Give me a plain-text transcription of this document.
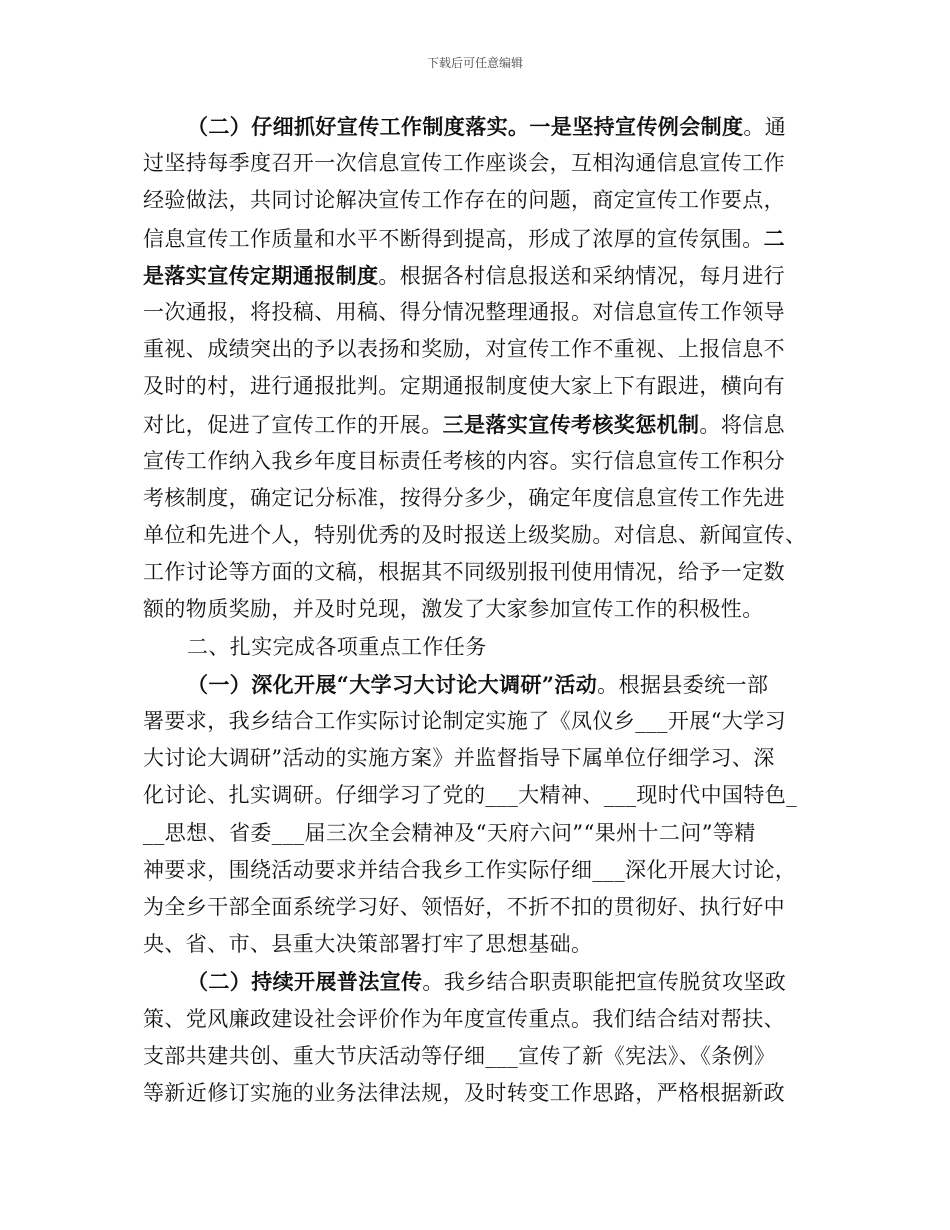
下载后可任意编辑
（二）仔细抓好宣传工作制度落实。一是坚持宣传例会制度。通
过坚持每季度召开一次信息宣传工作座谈会，互相沟通信息宣传工作
经验做法，共同讨论解决宣传工作存在的问题，商定宣传工作要点，
信息宣传工作质量和水平不断得到提高，形成了浓厚的宣传氛围。二
是落实宣传定期通报制度。根据各村信息报送和采纳情况，每月进行
一次通报，将投稿、用稿、得分情况整理通报。对信息宣传工作领导
重视、成绩突出的予以表扬和奖励，对宣传工作不重视、上报信息不
及时的村，进行通报批判。定期通报制度使大家上下有跟进，横向有
对比，促进了宣传工作的开展。三是落实宣传考核奖惩机制。将信息
宣传工作纳入我乡年度目标责任考核的内容。实行信息宣传工作积分
考核制度，确定记分标准，按得分多少，确定年度信息宣传工作先进
单位和先进个人，特别优秀的及时报送上级奖励。对信息、新闻宣传、
工作讨论等方面的文稿，根据其不同级别报刊使用情况，给予一定数
额的物质奖励，并及时兑现，激发了大家参加宣传工作的积极性。
二、扎实完成各项重点工作任务
（一）深化开展“大学习大讨论大调研”活动。根据县委统一部
署要求，我乡结合工作实际讨论制定实施了《凤仪乡___开展“大学习
大讨论大调研”活动的实施方案》并监督指导下属单位仔细学习、深
化讨论、扎实调研。仔细学习了党的___大精神、___现时代中国特色_
__思想、省委___届三次全会精神及“天府六问”“果州十二问”等精
神要求，围绕活动要求并结合我乡工作实际仔细___深化开展大讨论，
为全乡干部全面系统学习好、领悟好，不折不扣的贯彻好、执行好中
央、省、市、县重大决策部署打牢了思想基础。
（二）持续开展普法宣传。我乡结合职责职能把宣传脱贫攻坚政
策、党风廉政建设社会评价作为年度宣传重点。我们结合结对帮扶、
支部共建共创、重大节庆活动等仔细___宣传了新《宪法》、《条例》
等新近修订实施的业务法律法规，及时转变工作思路，严格根据新政
